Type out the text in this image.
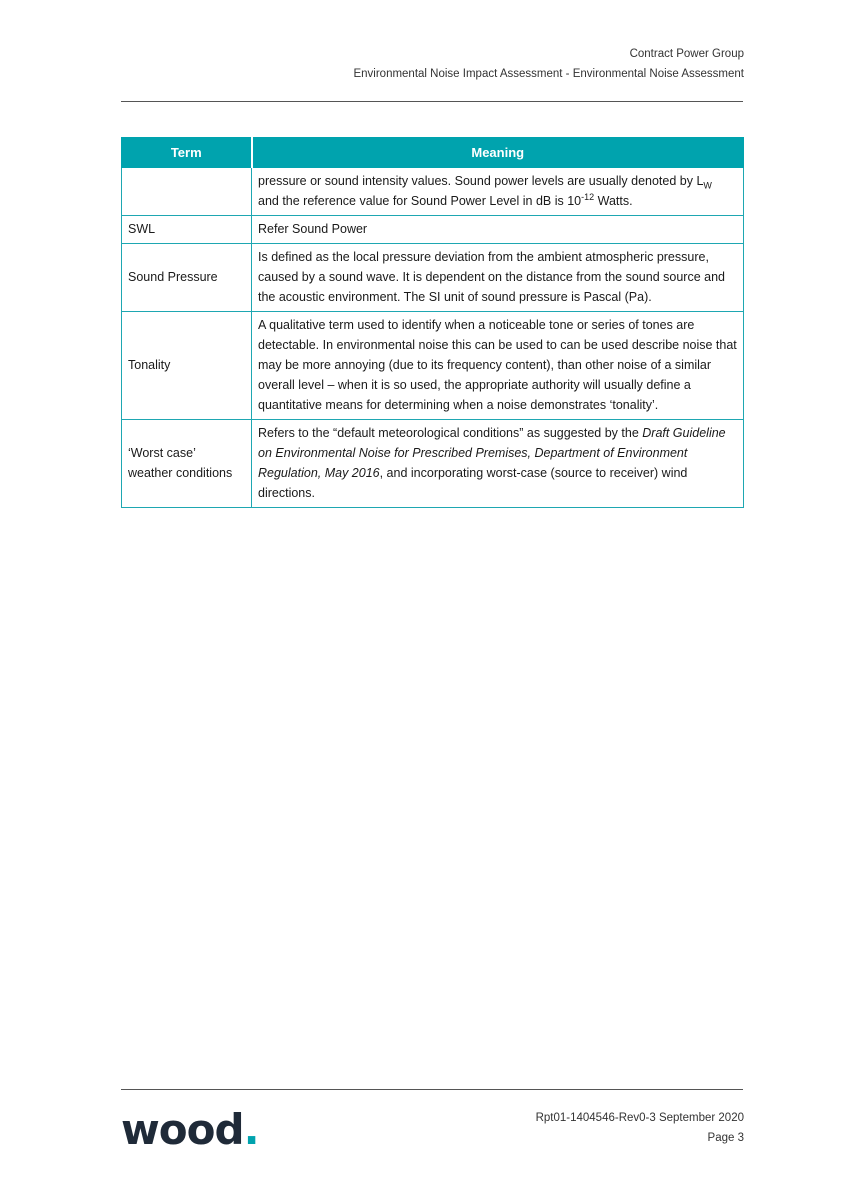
Contract Power Group
Environmental Noise Impact Assessment - Environmental Noise Assessment
Term	Meaning
	pressure or sound intensity values. Sound power levels are usually denoted by $L_W$
and the reference value for Sound Power Level in dB is $10^{-12}$ Watts.
SWL	Refer Sound Power
Sound Pressure	Is defined as the local pressure deviation from the ambient atmospheric pressure, caused by a sound wave. It is dependent on the distance from the sound source and the acoustic environment. The SI unit of sound pressure is Pascal (Pa).
Tonality	A qualitative term used to identify when a noticeable tone or series of tones are detectable. In environmental noise this can be used to can be used describe noise that may be more annoying (due to its frequency content), than other noise of a similar overall level – when it is so used, the appropriate authority will usually define a quantitative means for determining when a noise demonstrates ‘tonality’.
‘Worst case’
weather conditions	Refers to the “default meteorological conditions” as suggested by the Draft Guideline on Environmental Noise for Prescribed Premises, Department of Environment Regulation, May 2016, and incorporating worst-case (source to receiver) wind directions.
wood.	Rpt01-1404546-Rev0-3 September 2020
Page 3
